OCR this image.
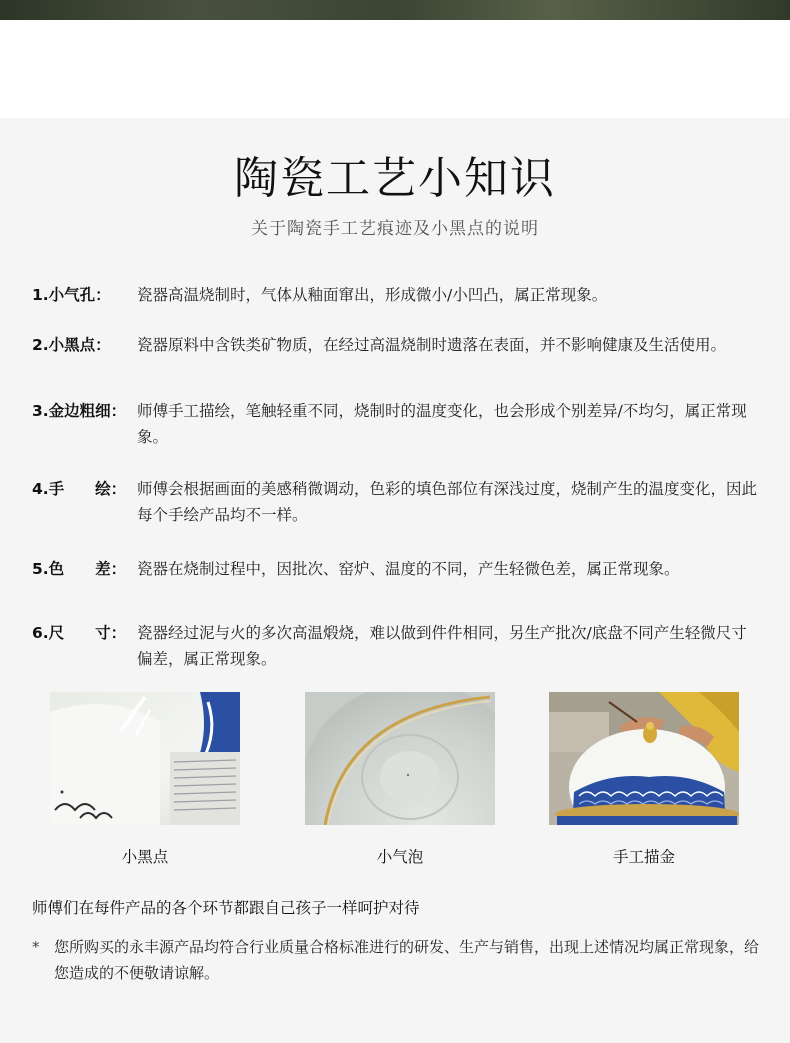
陶瓷工艺小知识
关于陶瓷手工艺痕迹及小黑点的说明
1.小气孔：	瓷器高温烧制时，气体从釉面窜出，形成微小/小凹凸，属正常现象。
2.小黑点：	瓷器原料中含铁类矿物质，在经过高温烧制时遗落在表面，并不影响健康及生活使用。
3.金边粗细： 师傅手工描绘，笔触轻重不同，烧制时的温度变化，也会形成个别差异/不均匀，属正常现象。
4.手　　绘： 师傅会根据画面的美感稍微调动，色彩的填色部位有深浅过度，烧制产生的温度变化，因此每个手绘产品均不一样。
5.色　　差： 瓷器在烧制过程中，因批次、窑炉、温度的不同，产生轻微色差，属正常现象。
6.尺　　寸： 瓷器经过泥与火的多次高温煅烧，难以做到件件相同，另生产批次/底盘不同产生轻微尺寸偏差，属正常现象。
小黑点	小气泡	手工描金
师傅们在每件产品的各个环节都跟自己孩子一样呵护对待
* 您所购买的永丰源产品均符合行业质量合格标准进行的研发、生产与销售，出现上述情况均属正常现象，给您造成的不便敬请谅解。
